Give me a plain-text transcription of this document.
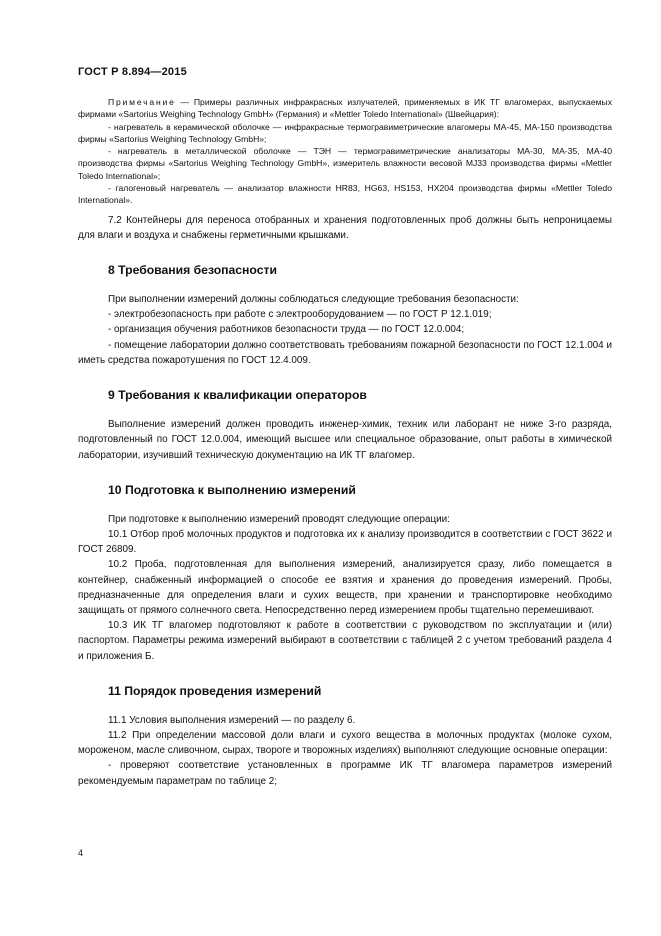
ГОСТ Р 8.894—2015

Примечание — Примеры различных инфракрасных излучателей, применяемых в ИК ТГ влагомерах, выпускаемых фирмами «Sartorius Weighing Technology GmbH» (Германия) и «Mettler Toledo International» (Швейцария):

- нагреватель в керамической оболочке — инфракрасные термогравиметрические влагомеры МА-45, МА-150 производства фирмы «Sartorius Weighing Technology GmbH»;

- нагреватель в металлической оболочке — ТЭН — термогравиметрические анализаторы МА-30, МА-35, МА-40 производства фирмы «Sartorius Weighing Technology GmbH», измеритель влажности весовой MJ33 производства фирмы «Mettler Toledo International»;

- галогеновый нагреватель — анализатор влажности HR83, HG63, HS153, HX204 производства фирмы «Mettler Toledo International».

7.2 Контейнеры для переноса отобранных и хранения подготовленных проб должны быть непроницаемы для влаги и воздуха и снабжены герметичными крышками.

8 Требования безопасности

При выполнении измерений должны соблюдаться следующие требования безопасности:

- электробезопасность при работе с электрооборудованием — по ГОСТ Р 12.1.019;

- организация обучения работников безопасности труда — по ГОСТ 12.0.004;

- помещение лаборатории должно соответствовать требованиям пожарной безопасности по ГОСТ 12.1.004 и иметь средства пожаротушения по ГОСТ 12.4.009.

9 Требования к квалификации операторов

Выполнение измерений должен проводить инженер-химик, техник или лаборант не ниже 3-го разряда, подготовленный по ГОСТ 12.0.004, имеющий высшее или специальное образование, опыт работы в химической лаборатории, изучивший техническую документацию на ИК ТГ влагомер.

10 Подготовка к выполнению измерений

При подготовке к выполнению измерений проводят следующие операции:

10.1 Отбор проб молочных продуктов и подготовка их к анализу производится в соответствии с ГОСТ 3622 и ГОСТ 26809.

10.2 Проба, подготовленная для выполнения измерений, анализируется сразу, либо помещается в контейнер, снабженный информацией о способе ее взятия и хранения до проведения измерений. Пробы, предназначенные для определения влаги и сухих веществ, при хранении и транспортировке необходимо защищать от прямого солнечного света. Непосредственно перед измерением пробы тщательно перемешивают.

10.3 ИК ТГ влагомер подготовляют к работе в соответствии с руководством по эксплуатации и (или) паспортом. Параметры режима измерений выбирают в соответствии с таблицей 2 с учетом требований раздела 4 и приложения Б.

11 Порядок проведения измерений

11.1 Условия выполнения измерений — по разделу 6.

11.2 При определении массовой доли влаги и сухого вещества в молочных продуктах (молоке сухом, мороженом, масле сливочном, сырах, твороге и творожных изделиях) выполняют следующие основные операции:

- проверяют соответствие установленных в программе ИК ТГ влагомера параметров измерений рекомендуемым параметрам по таблице 2;

4
